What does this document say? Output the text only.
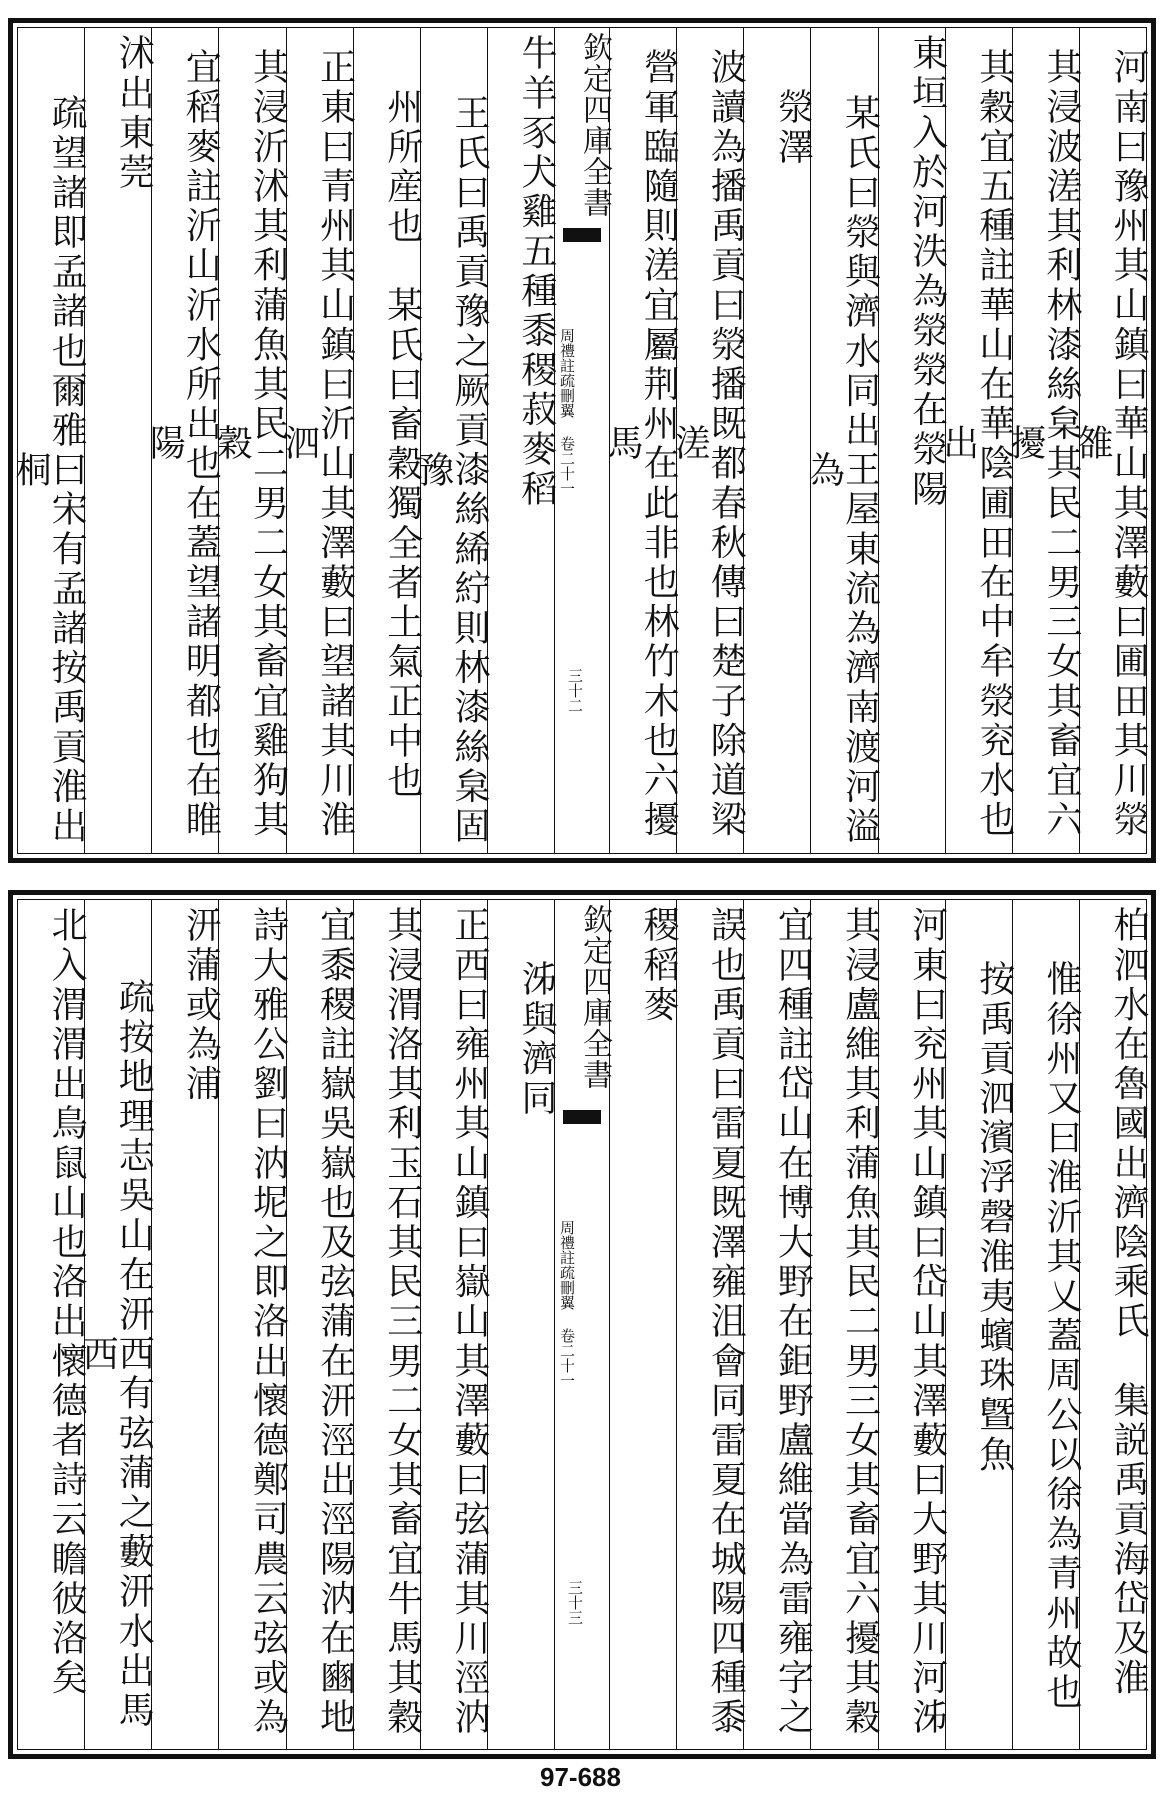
河南曰豫州其山鎮曰華山其澤藪曰圃田其川滎雒
其浸波溠其利林漆絲枲其民二男三女其畜宜六擾
其穀宜五種註華山在華陰圃田在中牟滎兖水也出
東垣入於河泆為滎滎在滎陽
某氏曰滎與濟水同出王屋東流為濟南渡河溢為
滎澤
波讀為播禹貢曰滎播既都春秋傳曰楚子除道梁溠
營軍臨隨則溠宜屬荆州在此非也林竹木也六擾馬
欽定四庫全書
周禮註疏刪翼 卷二十一
三十二
牛羊豕犬雞五種黍稷菽麥稻
王氏曰禹貢豫之厥貢漆絲絺紵則林漆絲枲固豫
州所産也　某氏曰畜穀獨全者土氣正中也
正東曰青州其山鎮曰沂山其澤藪曰望諸其川淮泗
其浸沂沭其利蒲魚其民二男二女其畜宜雞狗其穀
宜稻麥註沂山沂水所出也在蓋望諸明都也在睢陽
沭出東莞
疏望諸即孟諸也爾雅曰宋有孟諸按禹貢淮出桐
柏泗水在魯國出濟陰乘氏　集説禹貢海岱及淮
惟徐州又曰淮沂其乂蓋周公以徐為青州故也
按禹貢泗濱浮磬淮夷蠙珠曁魚
河東曰兖州其山鎮曰岱山其澤藪曰大野其川河泲
其浸盧維其利蒲魚其民二男三女其畜宜六擾其穀
宜四種註岱山在博大野在鉅野盧維當為雷雍字之
誤也禹貢曰雷夏既澤雍沮會同雷夏在城陽四種黍
稷稻麥
欽定四庫全書
周禮註疏刪翼 卷二十一
三十三
泲與濟同
正西曰雍州其山鎮曰嶽山其澤藪曰弦蒲其川涇汭
其浸渭洛其利玉石其民三男二女其畜宜牛馬其穀
宜黍稷註嶽吳嶽也及弦蒲在汧涇出涇陽汭在豳地
詩大雅公劉曰汭坭之即洛出懷德鄭司農云弦或為
汧蒲或為浦
疏按地理志吳山在汧西有弦蒲之藪汧水出馬西
北入渭渭出鳥鼠山也洛出懷德者詩云瞻彼洛矣
97-688
